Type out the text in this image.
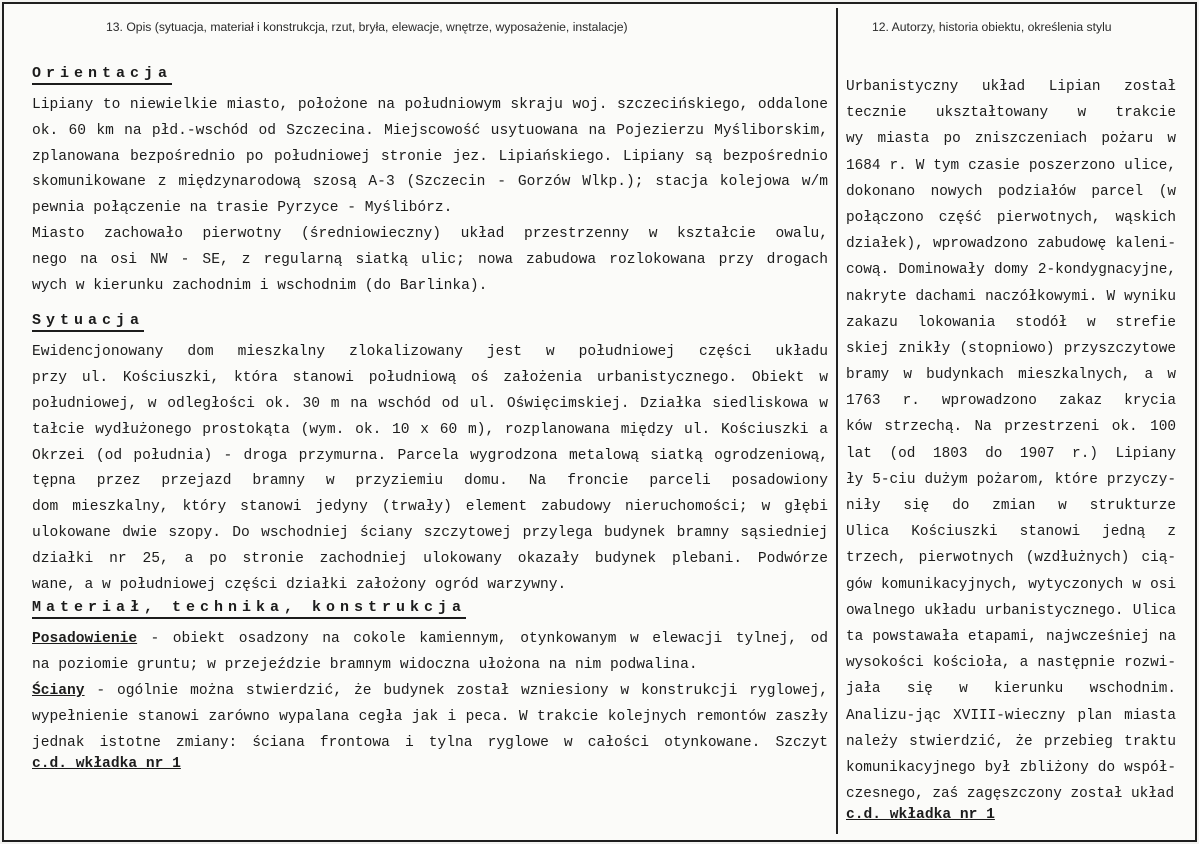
13. Opis (sytuacja, materiał i konstrukcja, rzut, bryła, elewacje, wnętrze, wyposażenie, instalacje)	12. Autorzy, historia obiektu, określenia stylu
Orientacja
Lipiany to niewielkie miasto, położone na południowym skraju woj. szczecińskiego, oddalone
ok. 60 km na płd.-wschód od Szczecina. Miejscowość usytuowana na Pojezierzu Myśliborskim,
zplanowana bezpośrednio po południowej stronie jez. Lipiańskiego. Lipiany są bezpośrednio
skomunikowane z międzynarodową szosą A-3 (Szczecin - Gorzów Wlkp.); stacja kolejowa w/m
pewnia połączenie na trasie Pyrzyce - Myślibórz.
Miasto zachowało pierwotny (średniowieczny) układ przestrzenny w kształcie owalu,
nego na osi NW - SE, z regularną siatką ulic; nowa zabudowa rozlokowana przy drogach
wych w kierunku zachodnim i wschodnim (do Barlinka).
Sytuacja
Ewidencjonowany dom mieszkalny zlokalizowany jest w południowej części układu
przy ul. Kościuszki, która stanowi południową oś założenia urbanistycznego. Obiekt w
południowej, w odległości ok. 30 m na wschód od ul. Oświęcimskiej. Działka siedliskowa w
tałcie wydłużonego prostokąta (wym. ok. 10 x 60 m), rozplanowana między ul. Kościuszki a
Okrzei (od południa) - droga przymurna. Parcela wygrodzona metalową siatką ogrodzeniową,
tępna przez przejazd bramny w przyziemiu domu. Na froncie parceli posadowiony
dom mieszkalny, który stanowi jedyny (trwały) element zabudowy nieruchomości; w głębi
ulokowane dwie szopy. Do wschodniej ściany szczytowej przylega budynek bramny sąsiedniej
działki nr 25, a po stronie zachodniej ulokowany okazały budynek plebani. Podwórze
wane, a w południowej części działki założony ogród warzywny.
Materiał, technika, konstrukcja
Posadowienie - obiekt osadzony na cokole kamiennym, otynkowanym w elewacji tylnej, od
na poziomie gruntu; w przejeździe bramnym widoczna ułożona na nim podwalina.
Ściany - ogólnie można stwierdzić, że budynek został wzniesiony w konstrukcji ryglowej,
wypełnienie stanowi zarówno wypalana cegła jak i peca. W trakcie kolejnych remontów zaszły
jednak istotne zmiany: ściana frontowa i tylna ryglowe w całości otynkowane. Szczyt
c.d. wkładka nr 1
Urbanistyczny układ Lipian został
tecznie ukształtowany w trakcie
wy miasta po zniszczeniach pożaru w
1684 r. W tym czasie poszerzono ulice,
dokonano nowych podziałów parcel (w
połączono część pierwotnych, wąskich
działek), wprowadzono zabudowę kaleni-
cową. Dominowały domy 2-kondygnacyjne,
nakryte dachami naczółkowymi. W wyniku
zakazu lokowania stodół w strefie
skiej znikły (stopniowo) przyszczytowe
bramy w budynkach mieszkalnych, a w
1763 r. wprowadzono zakaz krycia
ków strzechą. Na przestrzeni ok. 100
lat (od 1803 do 1907 r.) Lipiany
ły 5-ciu dużym pożarom, które przyczy-
niły się do zmian w strukturze
Ulica Kościuszki stanowi jedną z
trzech, pierwotnych (wzdłużnych) cią-
gów komunikacyjnych, wytyczonych w osi
owalnego układu urbanistycznego. Ulica
ta powstawała etapami, najwcześniej na
wysokości kościoła, a następnie rozwi-
jała się w kierunku wschodnim.
Analizu-jąc XVIII-wieczny plan miasta
należy stwierdzić, że przebieg traktu
komunikacyjnego był zbliżony do współ-
czesnego, zaś zagęszczony został układ
c.d. wkładka nr 1
